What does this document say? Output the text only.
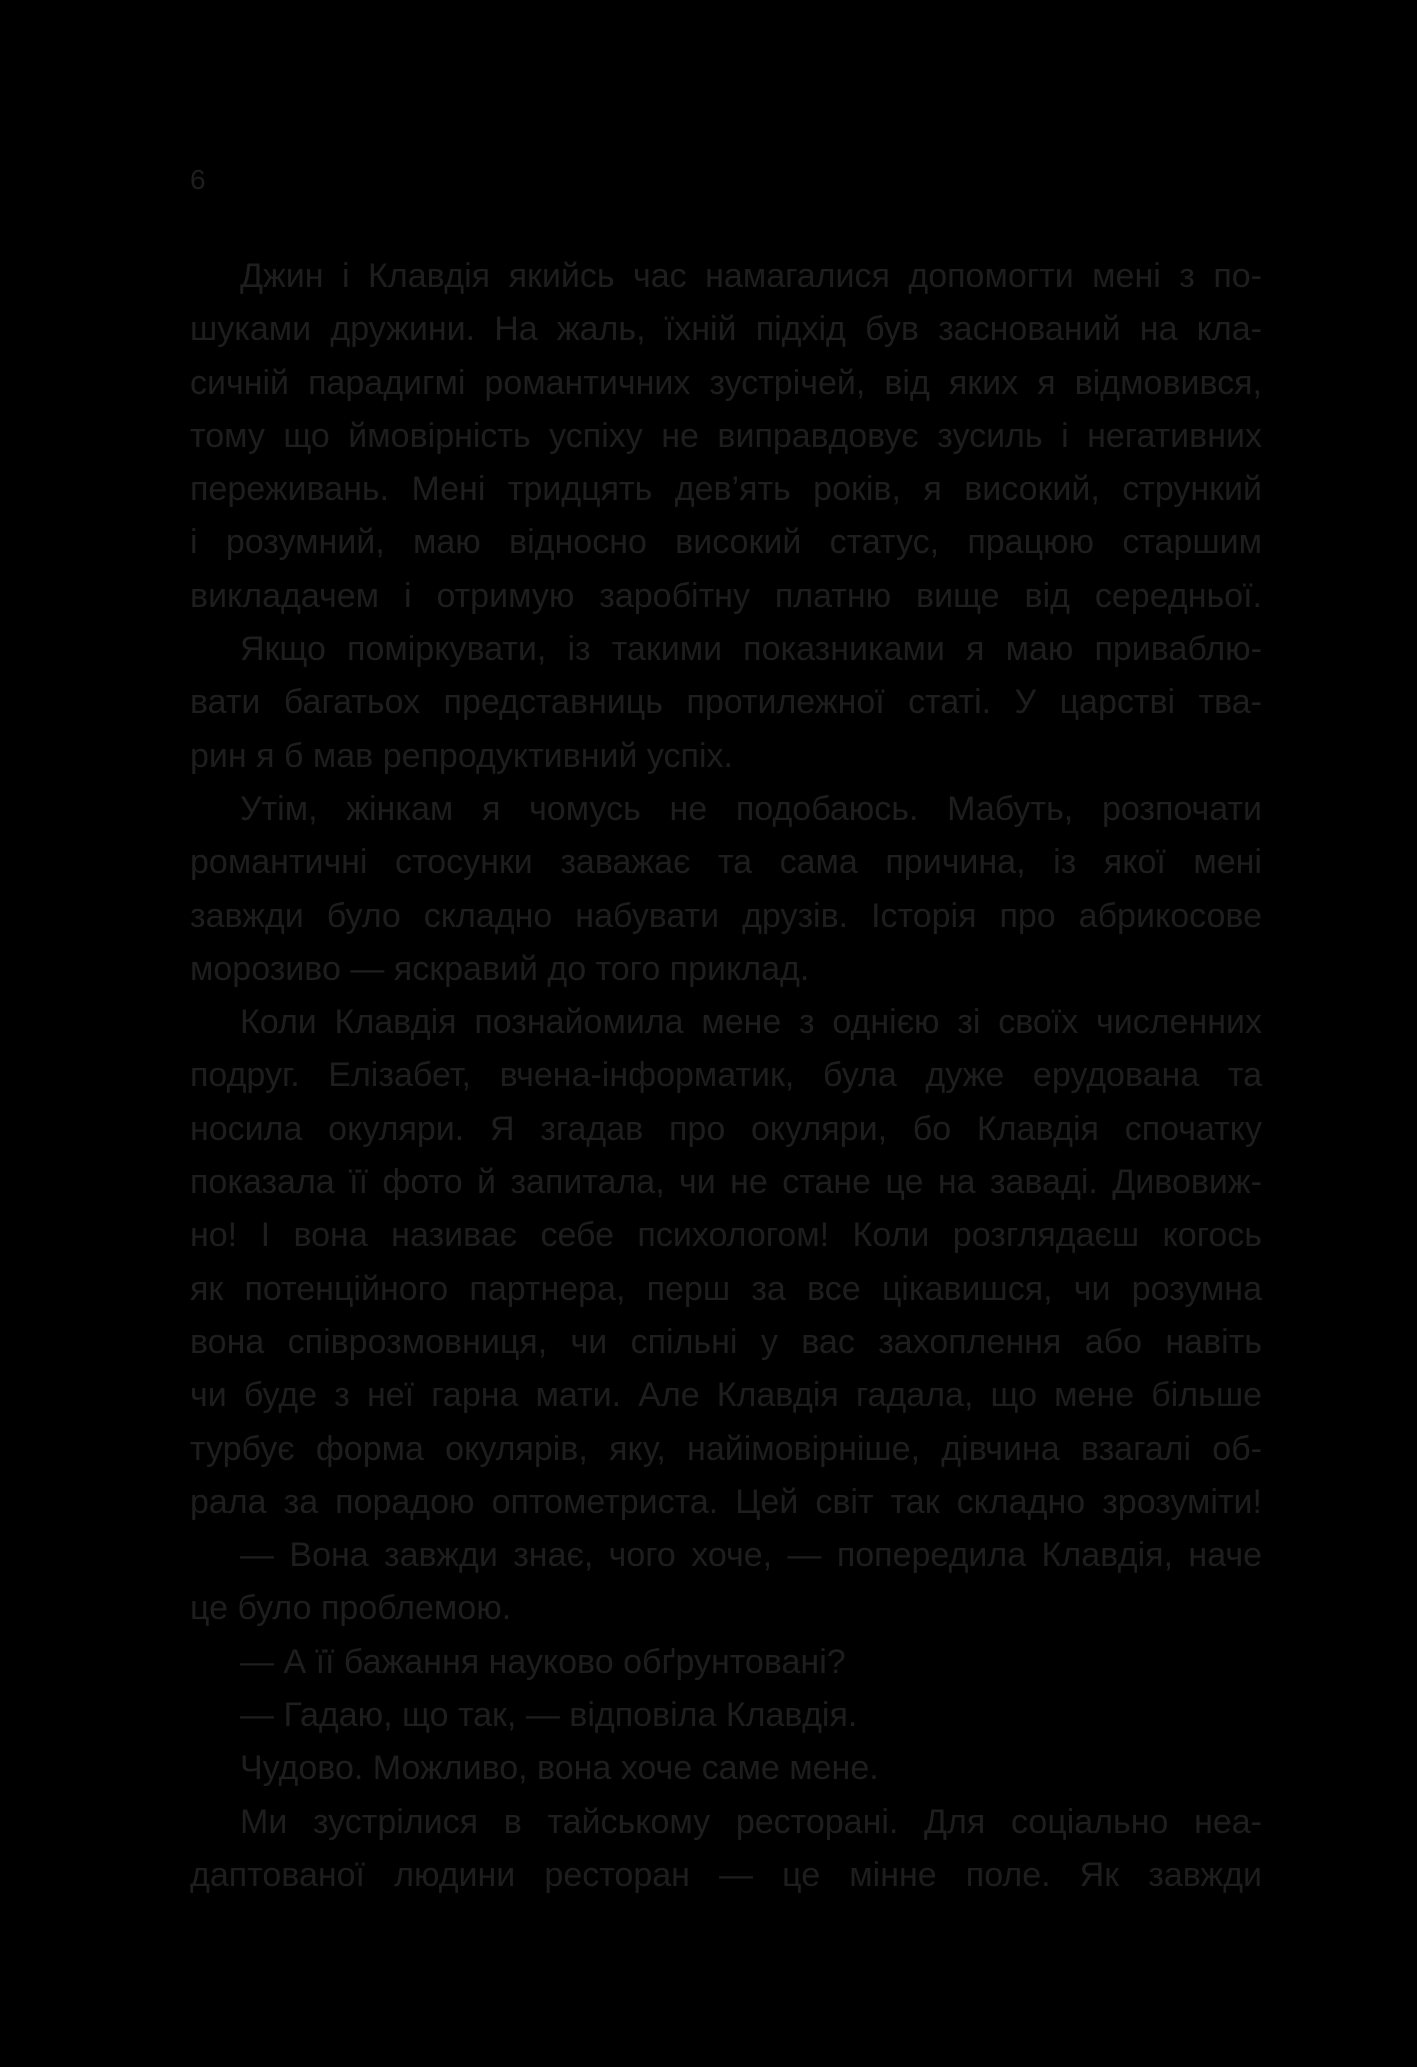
6
Джин і Клавдія якийсь час намагалися допомогти мені з по-
шуками дружини. На жаль, їхній підхід був заснований на кла-
сичній парадигмі романтичних зустрічей, від яких я відмовився,
тому що ймовірність успіху не виправдовує зусиль і негативних
переживань. Мені тридцять дев’ять років, я високий, стрункий
і розумний, маю відносно високий статус, працюю старшим
викладачем і отримую заробітну платню вище від середньої.
Якщо поміркувати, із такими показниками я маю приваблю-
вати багатьох представниць протилежної статі. У царстві тва-
рин я б мав репродуктивний успіх.
Утім, жінкам я чомусь не подобаюсь. Мабуть, розпочати
романтичні стосунки заважає та сама причина, із якої мені
завжди було складно набувати друзів. Історія про абрикосове
морозиво — яскравий до того приклад.
Коли Клавдія познайомила мене з однією зі своїх численних
подруг. Елізабет, вчена-інформатик, була дуже ерудована та
носила окуляри. Я згадав про окуляри, бо Клавдія спочатку
показала її фото й запитала, чи не стане це на заваді. Дивовиж-
но! І вона називає себе психологом! Коли розглядаєш когось
як потенційного партнера, перш за все цікавишся, чи розумна
вона співрозмовниця, чи спільні у вас захоплення або навіть
чи буде з неї гарна мати. Але Клавдія гадала, що мене більше
турбує форма окулярів, яку, найімовірніше, дівчина взагалі об-
рала за порадою оптометриста. Цей світ так складно зрозуміти!
— Вона завжди знає, чого хоче, — попередила Клавдія, наче
це було проблемою.
— А її бажання науково обґрунтовані?
— Гадаю, що так, — відповіла Клавдія.
Чудово. Можливо, вона хоче саме мене.
Ми зустрілися в тайському ресторані. Для соціально неа-
даптованої людини ресторан — це мінне поле. Як завжди
